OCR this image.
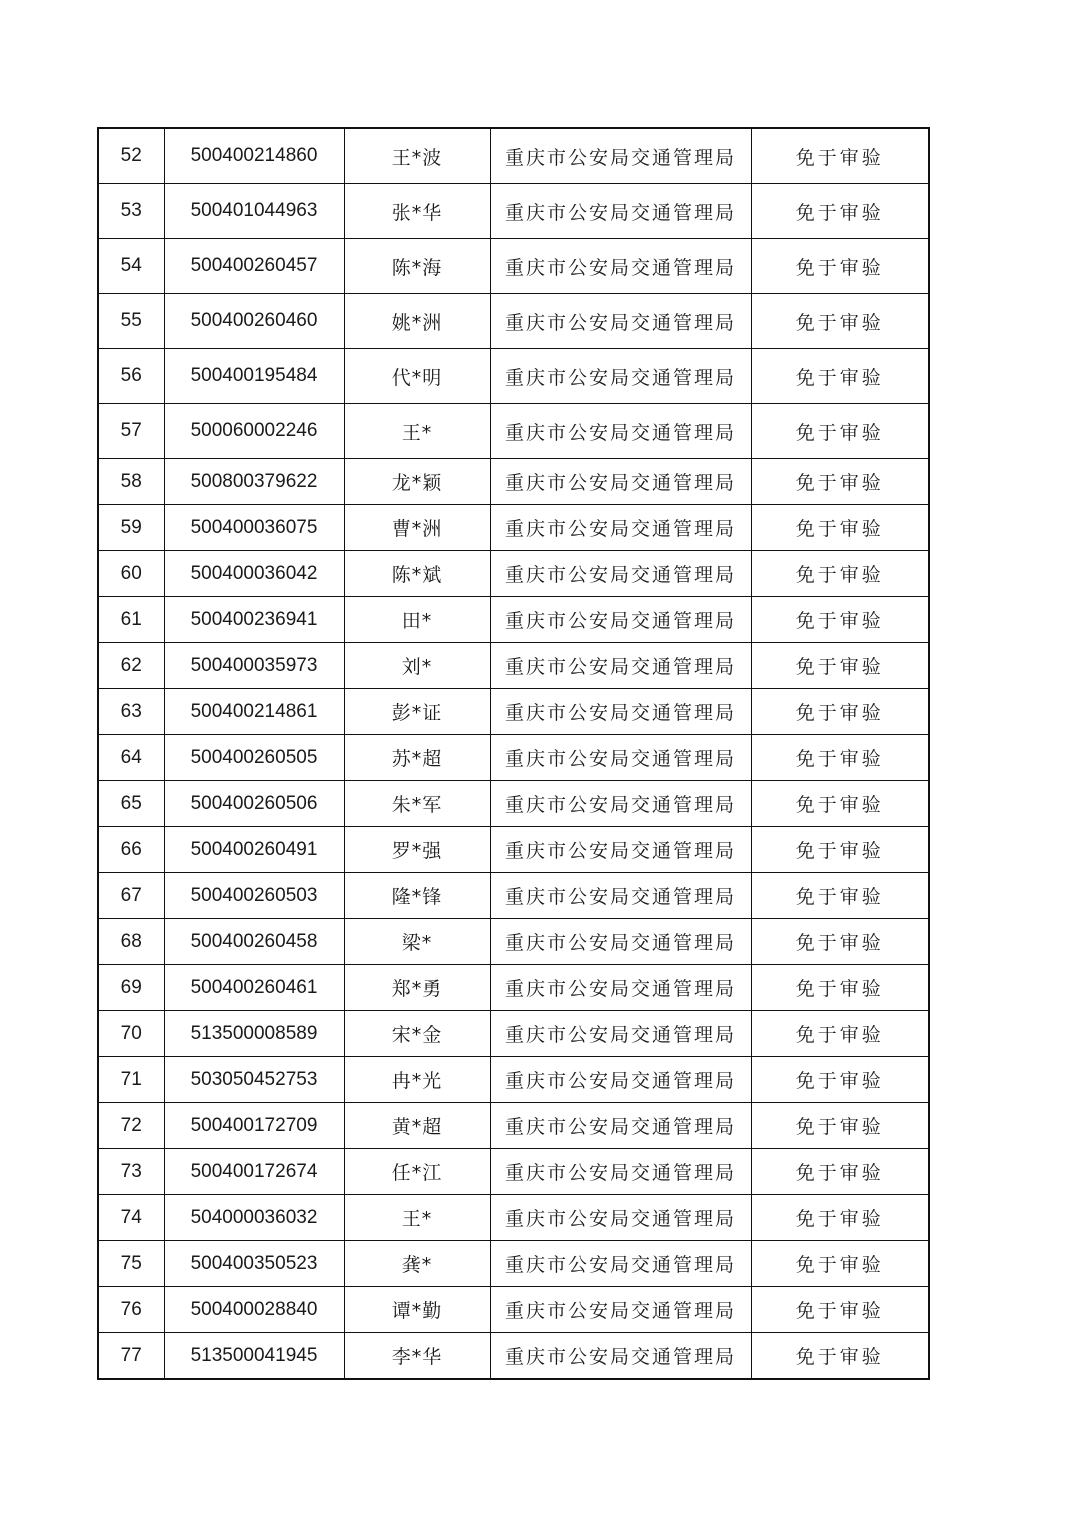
52	500400214860	王*波	重庆市公安局交通管理局	免于审验
53	500401044963	张*华	重庆市公安局交通管理局	免于审验
54	500400260457	陈*海	重庆市公安局交通管理局	免于审验
55	500400260460	姚*洲	重庆市公安局交通管理局	免于审验
56	500400195484	代*明	重庆市公安局交通管理局	免于审验
57	500060002246	王*	重庆市公安局交通管理局	免于审验
58	500800379622	龙*颖	重庆市公安局交通管理局	免于审验
59	500400036075	曹*洲	重庆市公安局交通管理局	免于审验
60	500400036042	陈*斌	重庆市公安局交通管理局	免于审验
61	500400236941	田*	重庆市公安局交通管理局	免于审验
62	500400035973	刘*	重庆市公安局交通管理局	免于审验
63	500400214861	彭*证	重庆市公安局交通管理局	免于审验
64	500400260505	苏*超	重庆市公安局交通管理局	免于审验
65	500400260506	朱*军	重庆市公安局交通管理局	免于审验
66	500400260491	罗*强	重庆市公安局交通管理局	免于审验
67	500400260503	隆*锋	重庆市公安局交通管理局	免于审验
68	500400260458	梁*	重庆市公安局交通管理局	免于审验
69	500400260461	郑*勇	重庆市公安局交通管理局	免于审验
70	513500008589	宋*金	重庆市公安局交通管理局	免于审验
71	503050452753	冉*光	重庆市公安局交通管理局	免于审验
72	500400172709	黄*超	重庆市公安局交通管理局	免于审验
73	500400172674	任*江	重庆市公安局交通管理局	免于审验
74	504000036032	王*	重庆市公安局交通管理局	免于审验
75	500400350523	龚*	重庆市公安局交通管理局	免于审验
76	500400028840	谭*勤	重庆市公安局交通管理局	免于审验
77	513500041945	李*华	重庆市公安局交通管理局	免于审验
